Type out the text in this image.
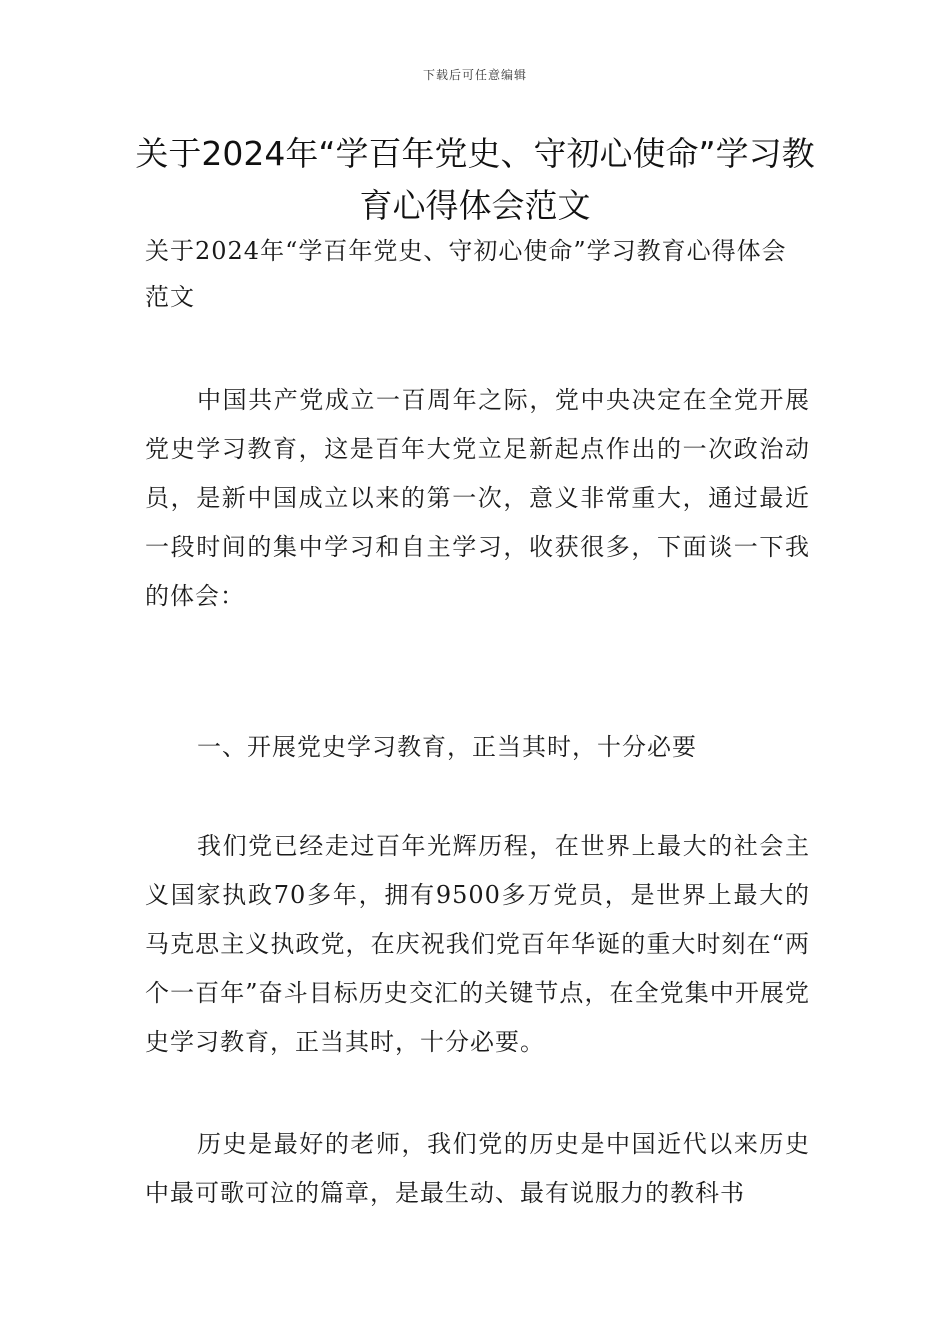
下载后可任意编辑
关于2024年“学百年党史、守初心使命”学习教育心得体会范文

关于2024年“学百年党史、守初心使命”学习教育心得体会范文

中国共产党成立一百周年之际，党中央决定在全党开展党史学习教育，这是百年大党立足新起点作出的一次政治动员，是新中国成立以来的第一次，意义非常重大，通过最近一段时间的集中学习和自主学习，收获很多，下面谈一下我的体会：

一、开展党史学习教育，正当其时，十分必要

我们党已经走过百年光辉历程，在世界上最大的社会主义国家执政70多年，拥有9500多万党员，是世界上最大的马克思主义执政党，在庆祝我们党百年华诞的重大时刻在“两个一百年”奋斗目标历史交汇的关键节点，在全党集中开展党史学习教育，正当其时，十分必要。

历史是最好的老师，我们党的历史是中国近代以来历史中最可歌可泣的篇章，是最生动、最有说服力的教科书
